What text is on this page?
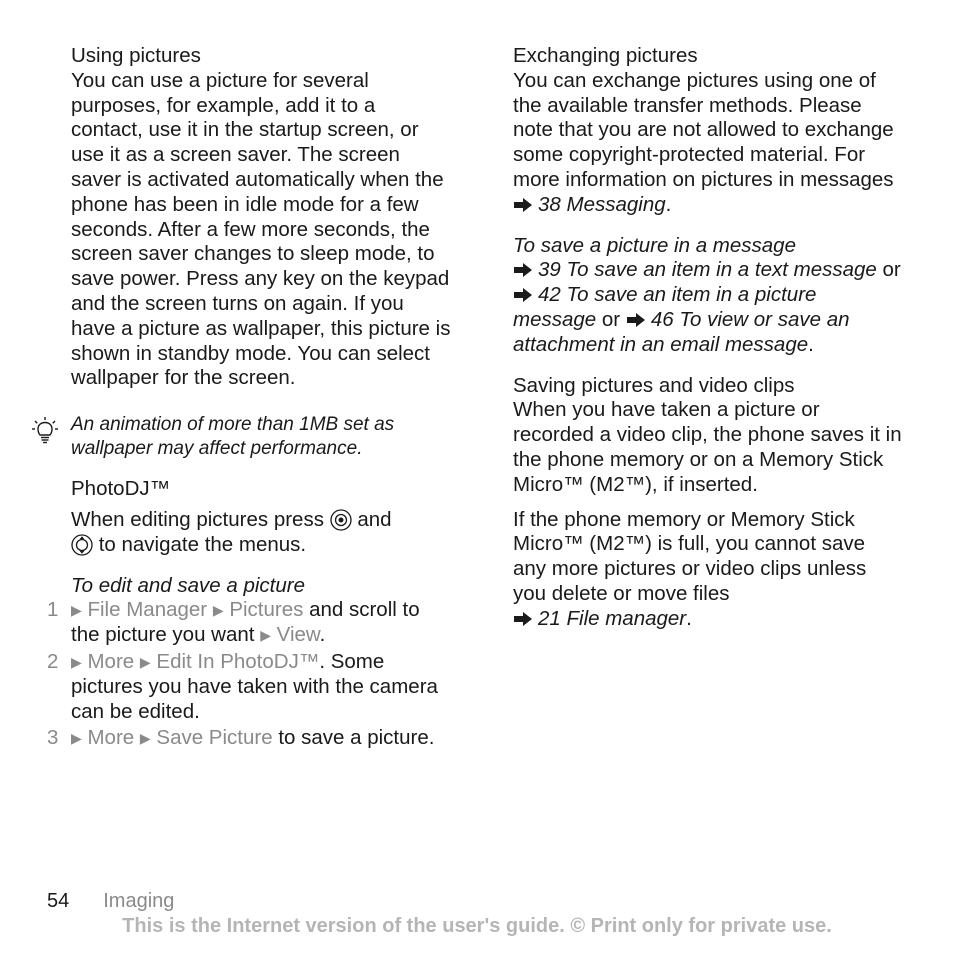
Using pictures

You can use a picture for several purposes, for example, add it to a contact, use it in the startup screen, or use it as a screen saver. The screen saver is activated automatically when the phone has been in idle mode for a few seconds. After a few more seconds, the screen saver changes to sleep mode, to save power. Press any key on the keypad and the screen turns on again. If you have a picture as wallpaper, this picture is shown in standby mode. You can select wallpaper for the screen.

An animation of more than 1MB set as wallpaper may affect performance.
PhotoDJ™

When editing pictures press and
to navigate the menus.

To edit and save a picture
1 ▶ File Manager ▶ Pictures and scroll to the picture you want ▶ View.
2 ▶ More ▶ Edit In PhotoDJ™. Some pictures you have taken with the camera can be edited.
3 ▶ More ▶ Save Picture to save a picture.
Exchanging pictures

You can exchange pictures using one of the available transfer methods. Please note that you are not allowed to exchange some copyright-protected material. For more information on pictures in messages
38 Messaging.

To save a picture in a message

39 To save an item in a text message or 42 To save an item in a picture message or 46 To view or save an attachment in an email message.

Saving pictures and video clips

When you have taken a picture or recorded a video clip, the phone saves it in the phone memory or on a Memory Stick Micro™ (M2™), if inserted.

If the phone memory or Memory Stick Micro™ (M2™) is full, you cannot save any more pictures or video clips unless you delete or move files
21 File manager.

54 Imaging
This is the Internet version of the user's guide. © Print only for private use.
